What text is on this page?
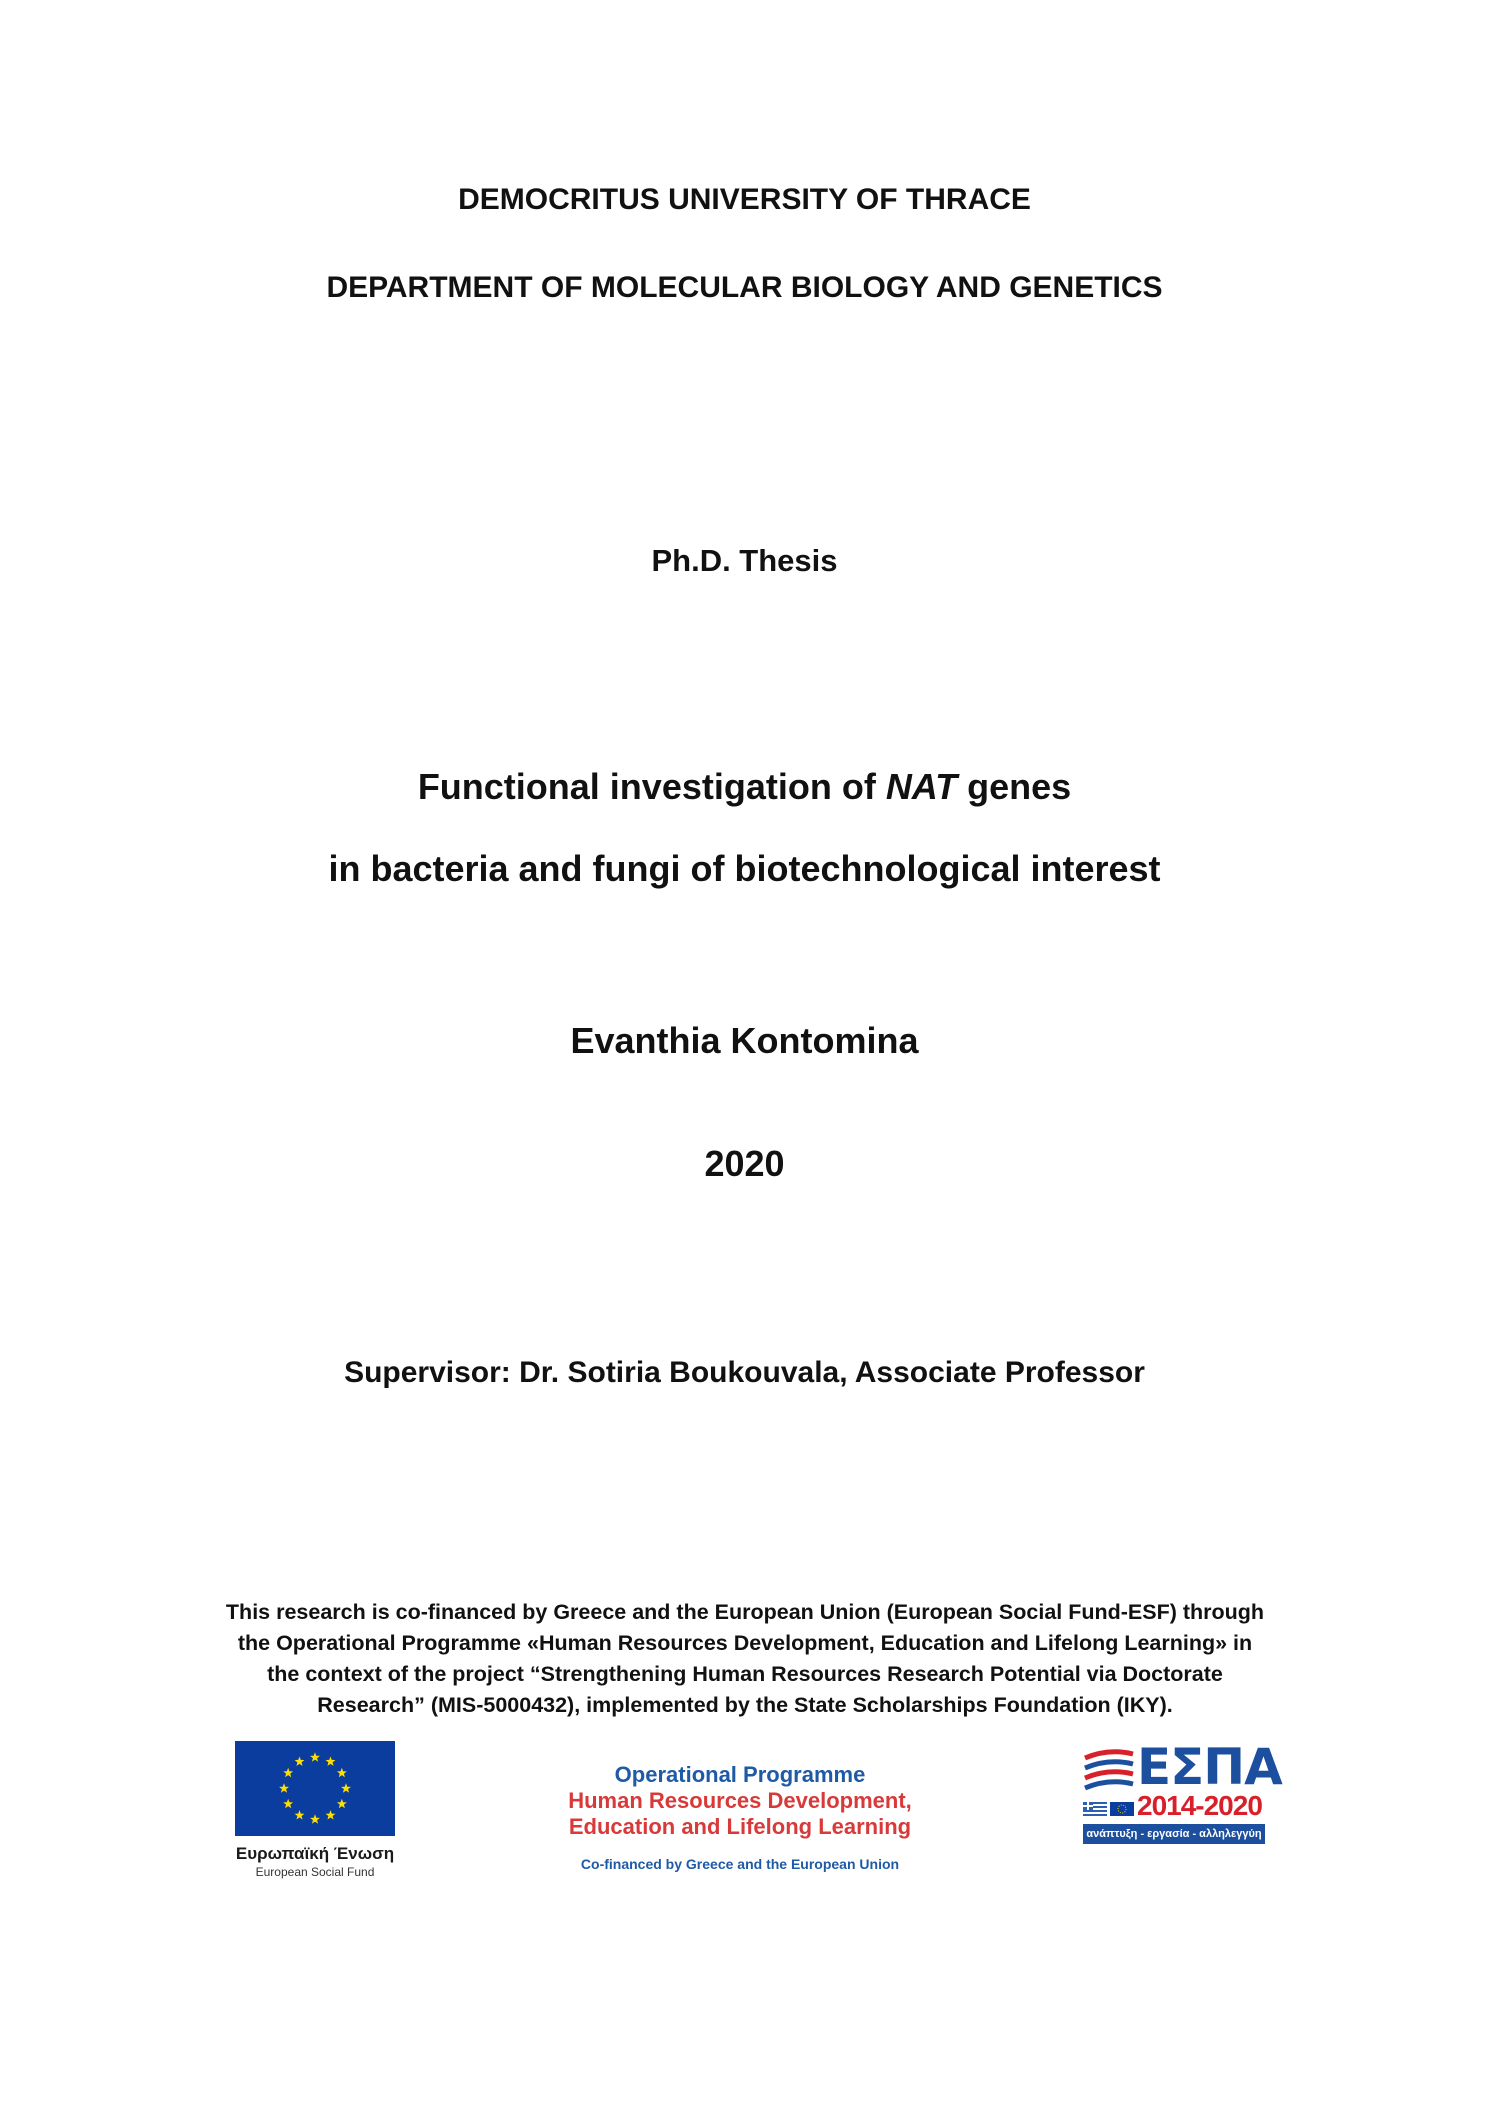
DEMOCRITUS UNIVERSITY OF THRACE
DEPARTMENT OF MOLECULAR BIOLOGY AND GENETICS
Ph.D. Thesis
Functional investigation of NAT genes
in bacteria and fungi of biotechnological interest
Evanthia Kontomina
2020
Supervisor: Dr. Sotiria Boukouvala, Associate Professor
This research is co-financed by Greece and the European Union (European Social Fund-ESF) through
the Operational Programme «Human Resources Development, Education and Lifelong Learning» in
the context of the project “Strengthening Human Resources Research Potential via Doctorate
Research” (MIS-5000432), implemented by the State Scholarships Foundation (IKY).
Ευρωπαϊκή Ένωση
European Social Fund
Operational Programme
Human Resources Development,
Education and Lifelong Learning
Co-financed by Greece and the European Union
ΕΣΠΑ
2014-2020
ανάπτυξη - εργασία - αλληλεγγύη
